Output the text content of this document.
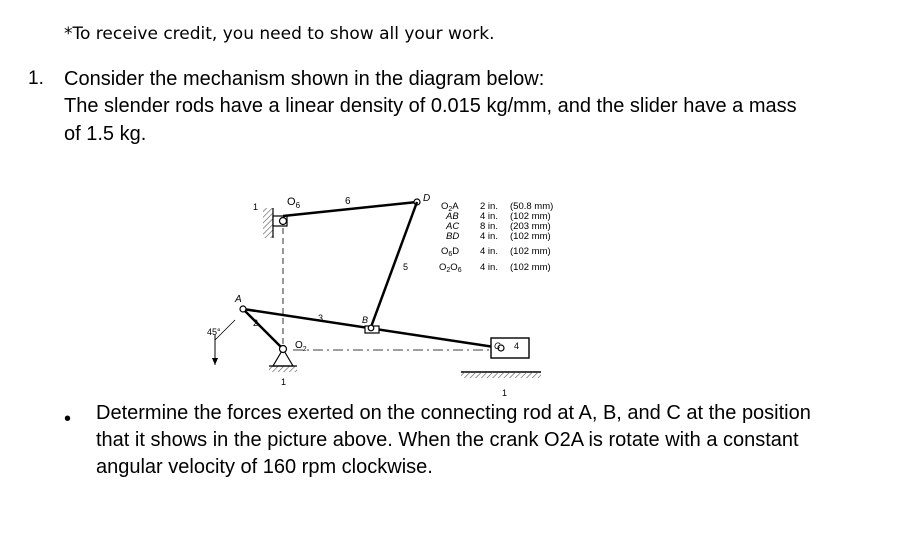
*To receive credit, you need to show all your work.
1. Consider the mechanism shown in the diagram below:
The slender rods have a linear density of 0.015 kg/mm, and the slider have a mass
of 1.5 kg.
$O_6$
1	6	D
5
A
2	3	B
45°
$O_2$
1
C 4
1
$O_2A$ 2 in. (50.8 mm)
AB 4 in. (102 mm)
AC 8 in. (203 mm)
BD 4 in. (102 mm)
$O_6D$ 4 in. (102 mm)
$O_2O_6$ 4 in. (102 mm)
• Determine the forces exerted on the connecting rod at A, B, and C at the position
that it shows in the picture above. When the crank O2A is rotate with a constant
angular velocity of 160 rpm clockwise.
